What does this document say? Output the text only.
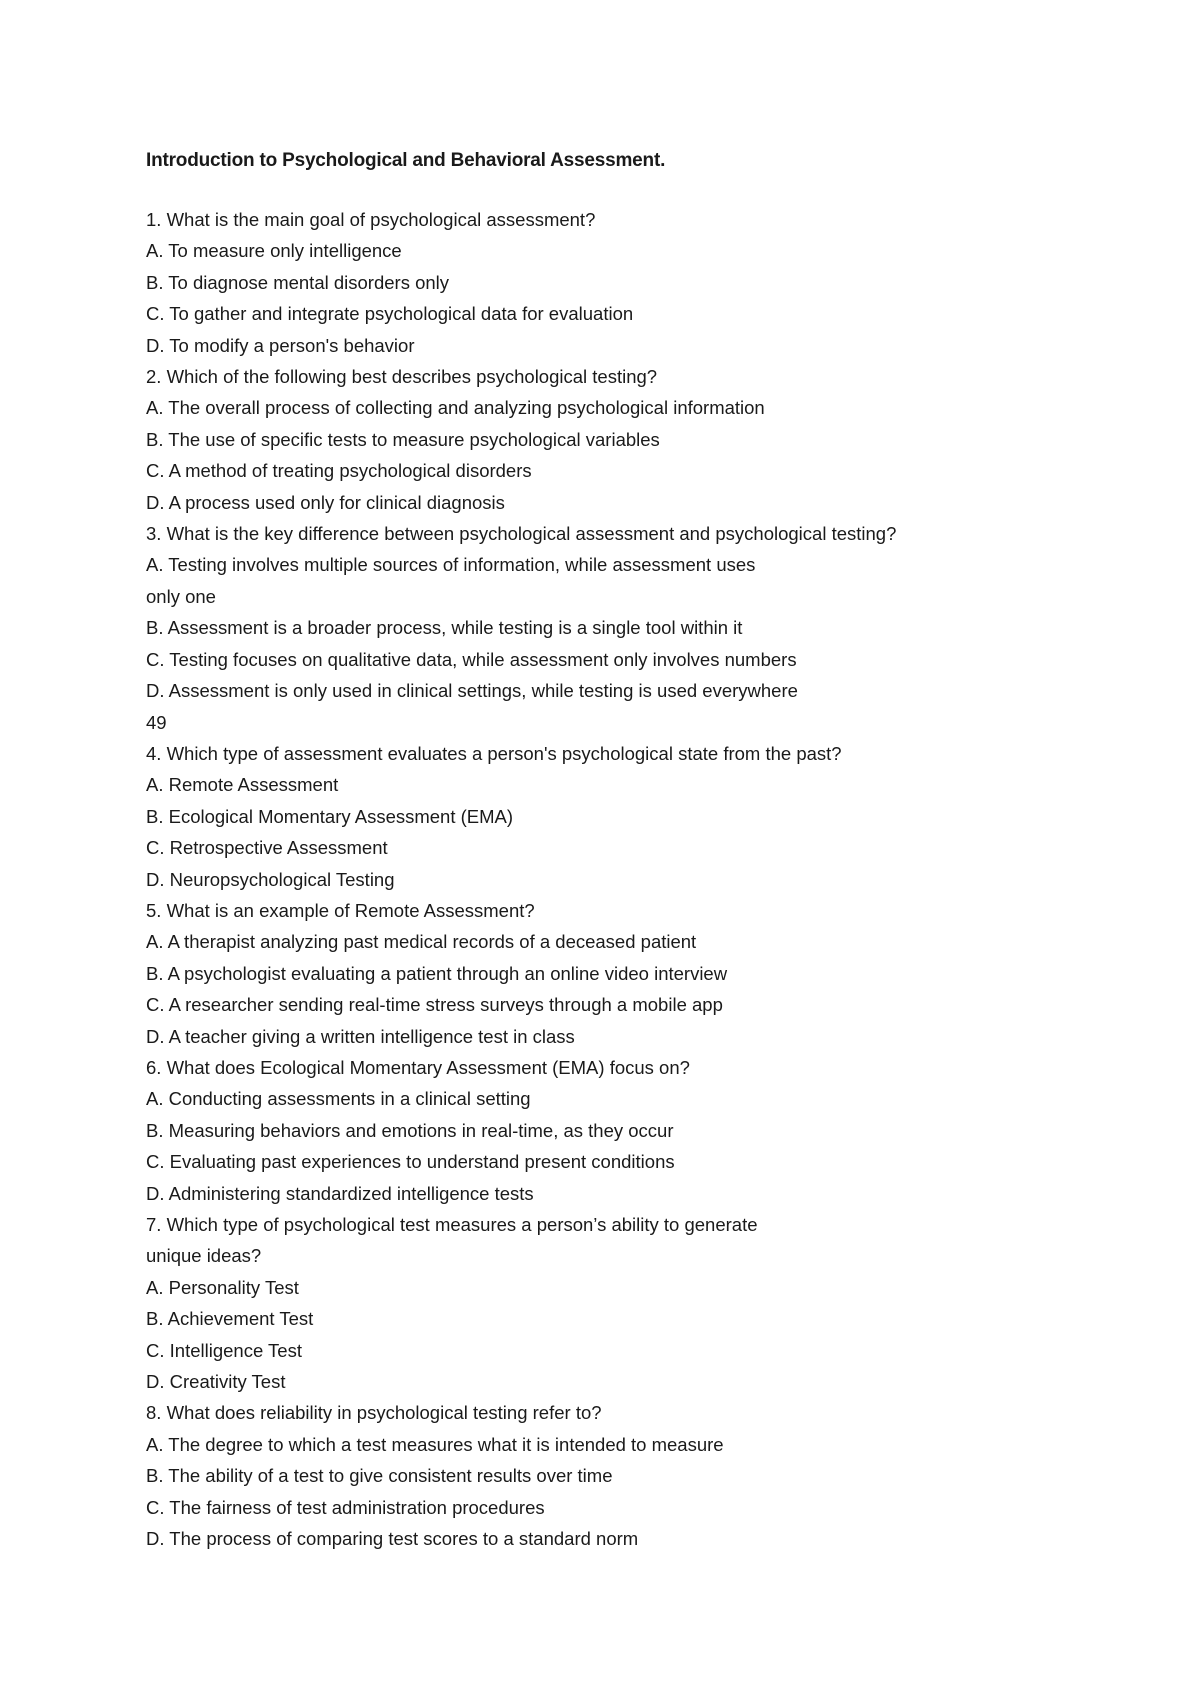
Introduction to Psychological and Behavioral Assessment.
1. What is the main goal of psychological assessment?
A. To measure only intelligence
B. To diagnose mental disorders only
C. To gather and integrate psychological data for evaluation
D. To modify a person's behavior
2. Which of the following best describes psychological testing?
A. The overall process of collecting and analyzing psychological information
B. The use of specific tests to measure psychological variables
C. A method of treating psychological disorders
D. A process used only for clinical diagnosis
3. What is the key difference between psychological assessment and psychological testing?
A. Testing involves multiple sources of information, while assessment uses
only one
B. Assessment is a broader process, while testing is a single tool within it
C. Testing focuses on qualitative data, while assessment only involves numbers
D. Assessment is only used in clinical settings, while testing is used everywhere
49
4. Which type of assessment evaluates a person's psychological state from the past?
A. Remote Assessment
B. Ecological Momentary Assessment (EMA)
C. Retrospective Assessment
D. Neuropsychological Testing
5. What is an example of Remote Assessment?
A. A therapist analyzing past medical records of a deceased patient
B. A psychologist evaluating a patient through an online video interview
C. A researcher sending real-time stress surveys through a mobile app
D. A teacher giving a written intelligence test in class
6. What does Ecological Momentary Assessment (EMA) focus on?
A. Conducting assessments in a clinical setting
B. Measuring behaviors and emotions in real-time, as they occur
C. Evaluating past experiences to understand present conditions
D. Administering standardized intelligence tests
7. Which type of psychological test measures a person’s ability to generate
unique ideas?
A. Personality Test
B. Achievement Test
C. Intelligence Test
D. Creativity Test
8. What does reliability in psychological testing refer to?
A. The degree to which a test measures what it is intended to measure
B. The ability of a test to give consistent results over time
C. The fairness of test administration procedures
D. The process of comparing test scores to a standard norm
